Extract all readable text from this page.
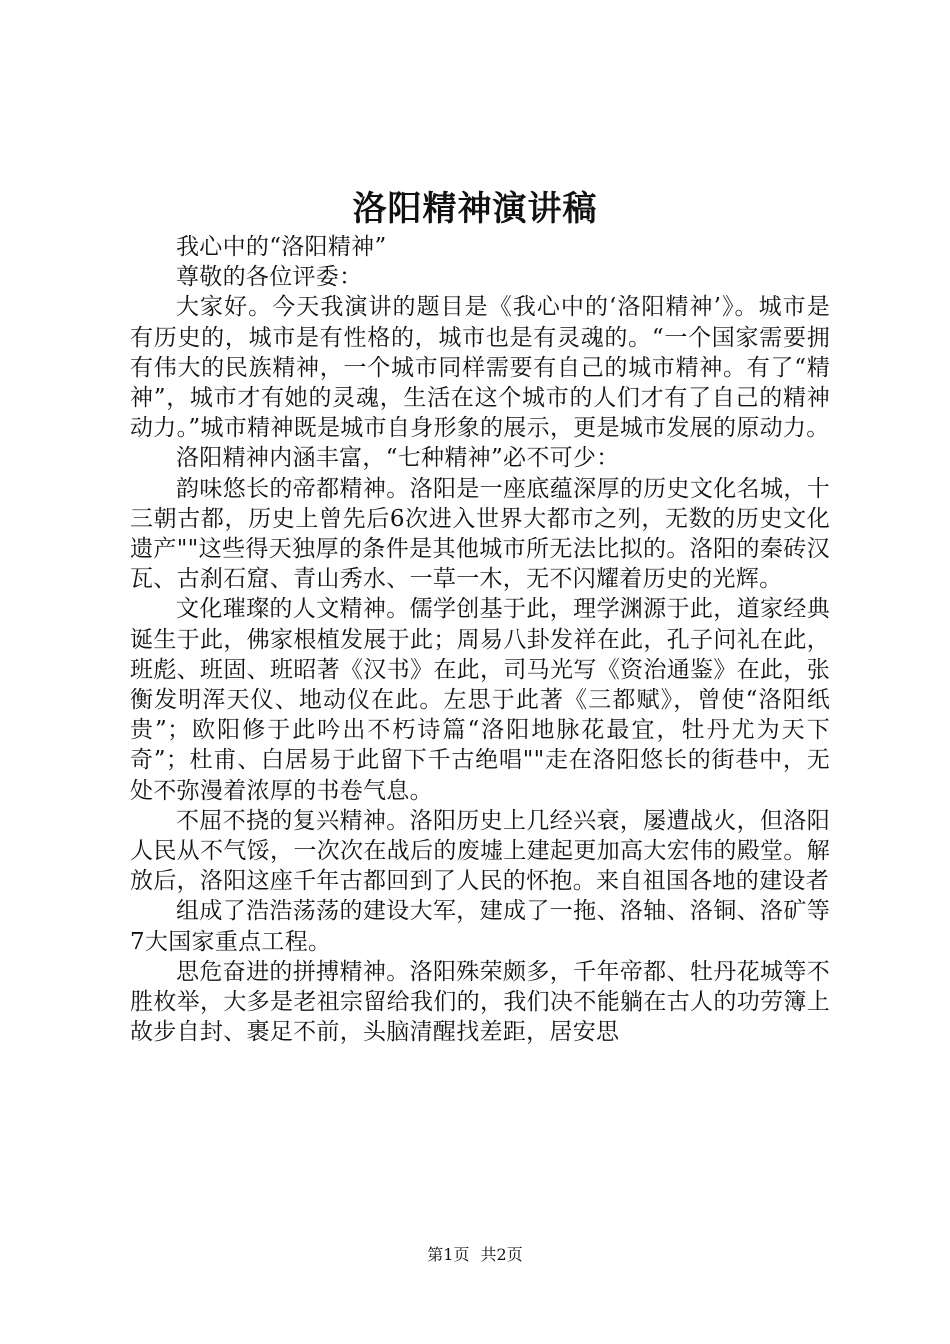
洛阳精神演讲稿

我心中的“洛阳精神”

尊敬的各位评委：

大家好。今天我演讲的题目是《我心中的‘洛阳精神’》。城市是有历史的，城市是有性格的，城市也是有灵魂的。“一个国家需要拥有伟大的民族精神，一个城市同样需要有自己的城市精神。有了“精神”，城市才有她的灵魂，生活在这个城市的人们才有了自己的精神动力。”城市精神既是城市自身形象的展示，更是城市发展的原动力。

洛阳精神内涵丰富，“七种精神”必不可少：

韵味悠长的帝都精神。洛阳是一座底蕴深厚的历史文化名城，十三朝古都，历史上曾先后6次进入世界大都市之列，无数的历史文化遗产""这些得天独厚的条件是其他城市所无法比拟的。洛阳的秦砖汉瓦、古刹石窟、青山秀水、一草一木，无不闪耀着历史的光辉。

文化璀璨的人文精神。儒学创基于此，理学渊源于此，道家经典诞生于此，佛家根植发展于此；周易八卦发祥在此，孔子问礼在此，班彪、班固、班昭著《汉书》在此，司马光写《资治通鉴》在此，张衡发明浑天仪、地动仪在此。左思于此著《三都赋》，曾使“洛阳纸贵”；欧阳修于此吟出不朽诗篇“洛阳地脉花最宜，牡丹尤为天下奇”；杜甫、白居易于此留下千古绝唱""走在洛阳悠长的街巷中，无处不弥漫着浓厚的书卷气息。

不屈不挠的复兴精神。洛阳历史上几经兴衰，屡遭战火，但洛阳人民从不气馁，一次次在战后的废墟上建起更加高大宏伟的殿堂。解放后，洛阳这座千年古都回到了人民的怀抱。来自祖国各地的建设者

组成了浩浩荡荡的建设大军，建成了一拖、洛轴、洛铜、洛矿等7大国家重点工程。

思危奋进的拼搏精神。洛阳殊荣颇多，千年帝都、牡丹花城等不胜枚举，大多是老祖宗留给我们的，我们决不能躺在古人的功劳簿上故步自封、裹足不前，头脑清醒找差距，居安思

第1页 共2页
